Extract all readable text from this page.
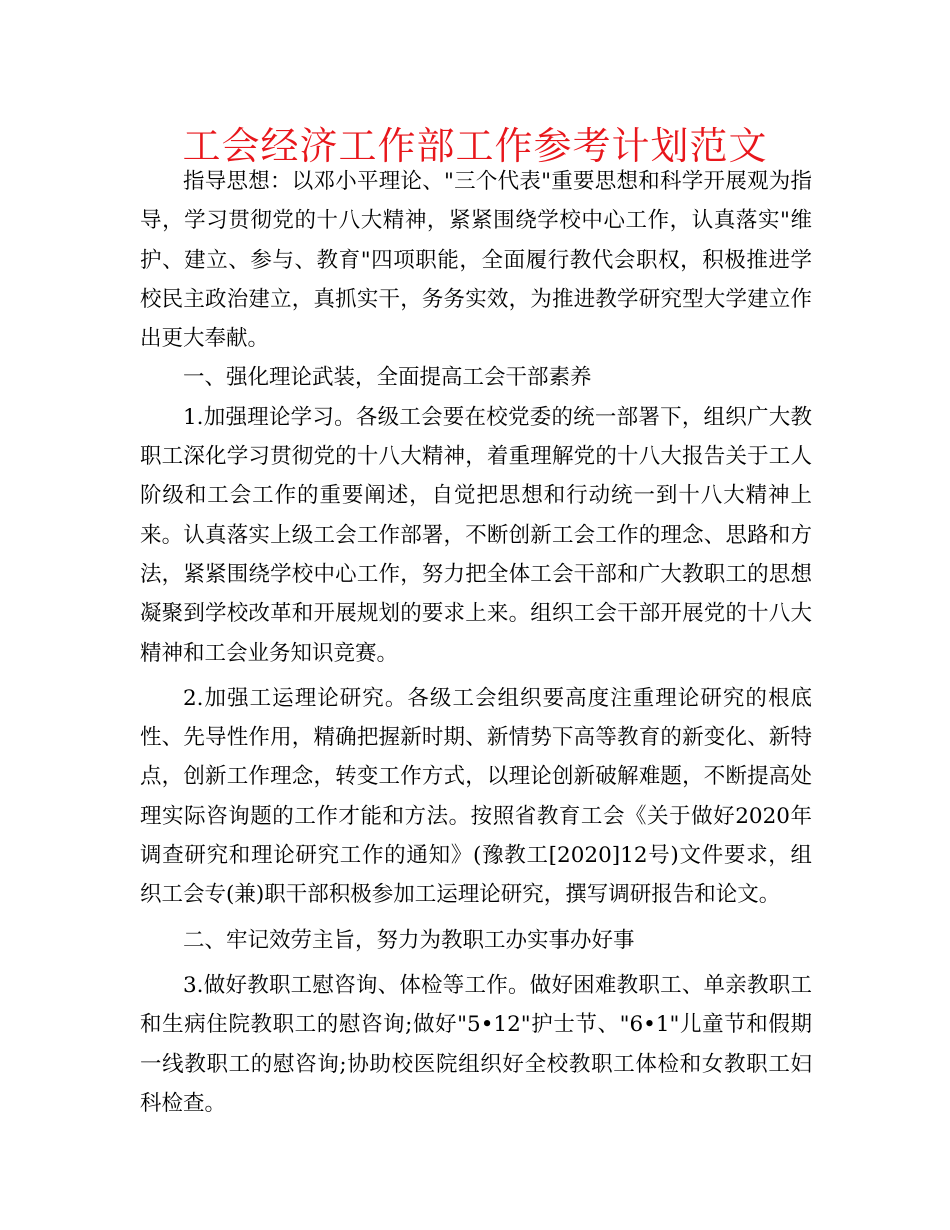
工会经济工作部工作参考计划范文

指导思想：以邓小平理论、"三个代表"重要思想和科学开展观为指导，学习贯彻党的十八大精神，紧紧围绕学校中心工作，认真落实"维护、建立、参与、教育"四项职能，全面履行教代会职权，积极推进学校民主政治建立，真抓实干，务务实效，为推进教学研究型大学建立作出更大奉献。

一、强化理论武装，全面提高工会干部素养

1.加强理论学习。各级工会要在校党委的统一部署下，组织广大教职工深化学习贯彻党的十八大精神，着重理解党的十八大报告关于工人阶级和工会工作的重要阐述，自觉把思想和行动统一到十八大精神上来。认真落实上级工会工作部署，不断创新工会工作的理念、思路和方法，紧紧围绕学校中心工作，努力把全体工会干部和广大教职工的思想凝聚到学校改革和开展规划的要求上来。组织工会干部开展党的十八大精神和工会业务知识竞赛。

2.加强工运理论研究。各级工会组织要高度注重理论研究的根底性、先导性作用，精确把握新时期、新情势下高等教育的新变化、新特点，创新工作理念，转变工作方式，以理论创新破解难题，不断提高处理实际咨询题的工作才能和方法。按照省教育工会《关于做好2020年调查研究和理论研究工作的通知》(豫教工[2020]12号)文件要求，组织工会专(兼)职干部积极参加工运理论研究，撰写调研报告和论文。

二、牢记效劳主旨，努力为教职工办实事办好事

3.做好教职工慰咨询、体检等工作。做好困难教职工、单亲教职工和生病住院教职工的慰咨询;做好"5•12"护士节、"6•1"儿童节和假期一线教职工的慰咨询;协助校医院组织好全校教职工体检和女教职工妇科检查。
